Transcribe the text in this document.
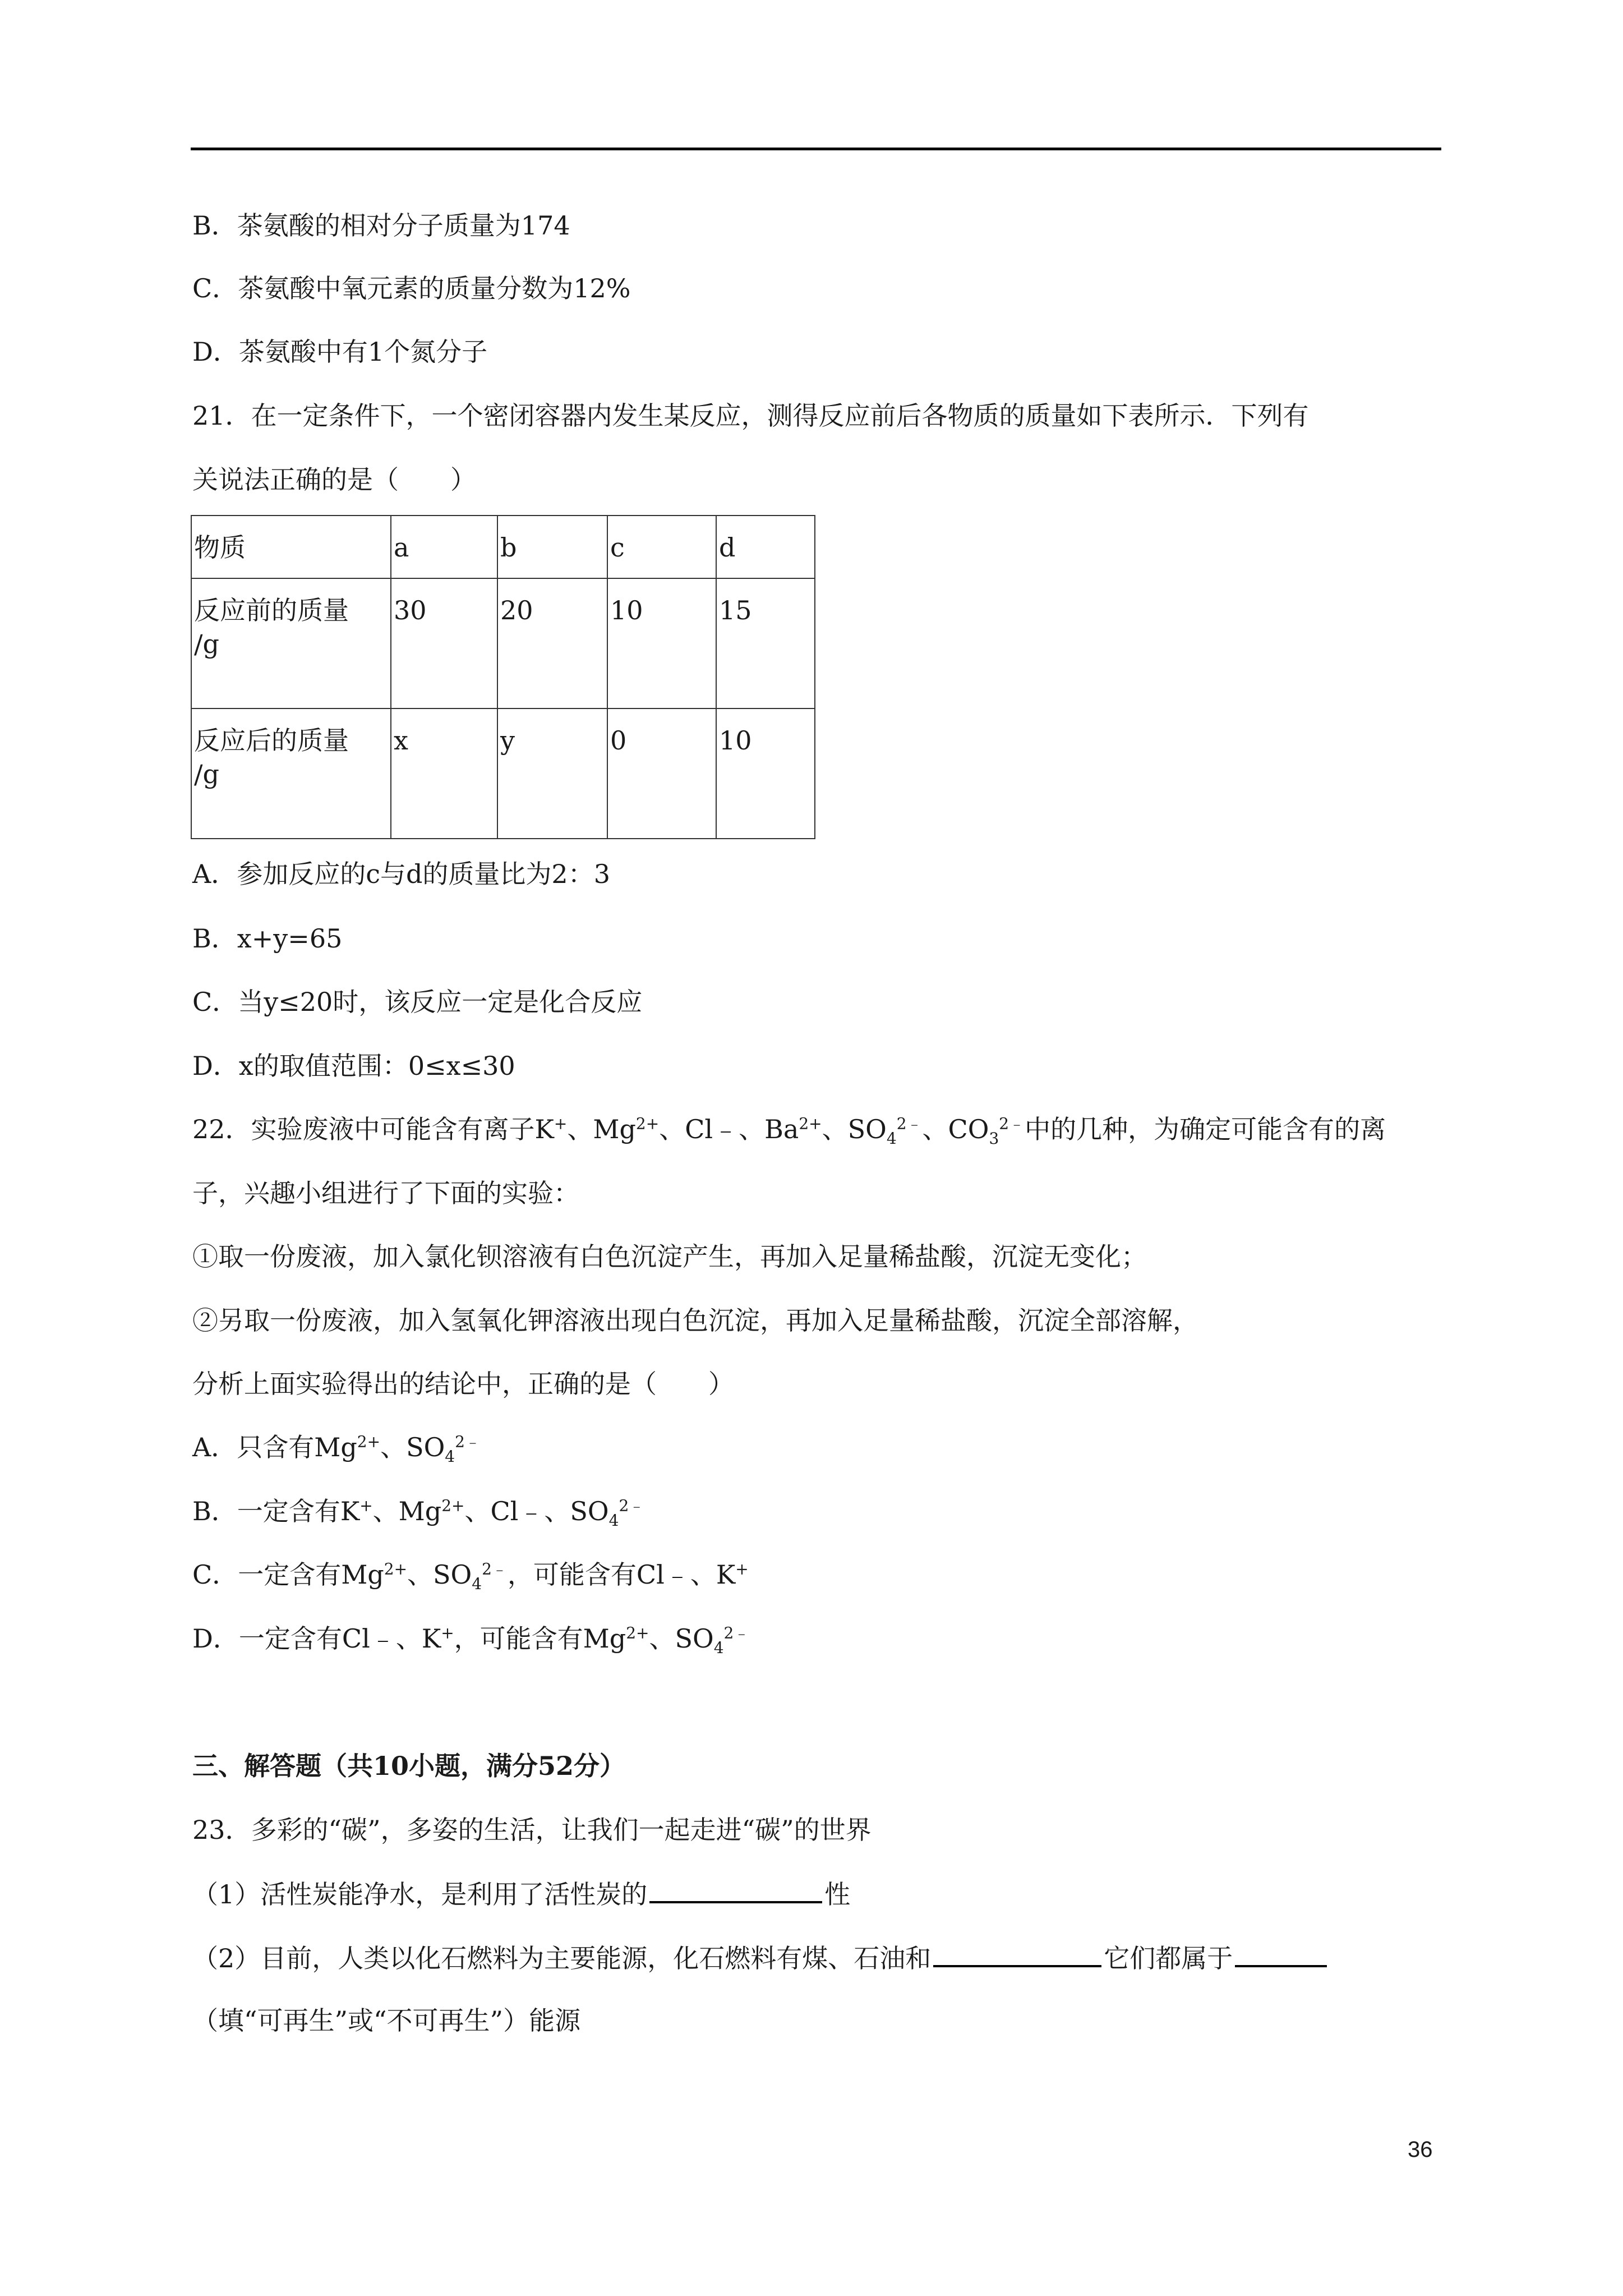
B．茶氨酸的相对分子质量为174
C．茶氨酸中氧元素的质量分数为12%
D．茶氨酸中有1个氮分子
21．在一定条件下，一个密闭容器内发生某反应，测得反应前后各物质的质量如下表所示．下列有
关说法正确的是（　　）
物质	a	b	c	d
反应前的质量
/g	30	20	10	15
反应后的质量
/g	x	y	0	10
A．参加反应的c与d的质量比为2：3
B．x+y=65
C．当y≤20时，该反应一定是化合反应
D．x的取值范围：0≤x≤30
22．实验废液中可能含有离子K+、$Mg^{2+}$、Cl﹣、$Ba^{2+}$、$SO_4^{2﹣}$、$CO_3^{2﹣}$中的几种，为确定可能含有的离
子，兴趣小组进行了下面的实验：
①取一份废液，加入氯化钡溶液有白色沉淀产生，再加入足量稀盐酸，沉淀无变化；
②另取一份废液，加入氢氧化钾溶液出现白色沉淀，再加入足量稀盐酸，沉淀全部溶解，
分析上面实验得出的结论中，正确的是（　　）
A．只含有$Mg^{2+}$、$SO_4^{2﹣}$
B．一定含有K+、$Mg^{2+}$、Cl﹣、$SO_4^{2﹣}$
C．一定含有$Mg^{2+}$、$SO_4^{2﹣}$，可能含有Cl﹣、K+
D．一定含有Cl﹣、K+，可能含有$Mg^{2+}$、$SO_4^{2﹣}$
三、解答题（共10小题，满分52分）
23．多彩的“碳”，多姿的生活，让我们一起走进“碳”的世界
（1）活性炭能净水，是利用了活性炭的	性
（2）目前，人类以化石燃料为主要能源，化石燃料有煤、石油和	它们都属于
（填“可再生”或“不可再生”）能源
36
